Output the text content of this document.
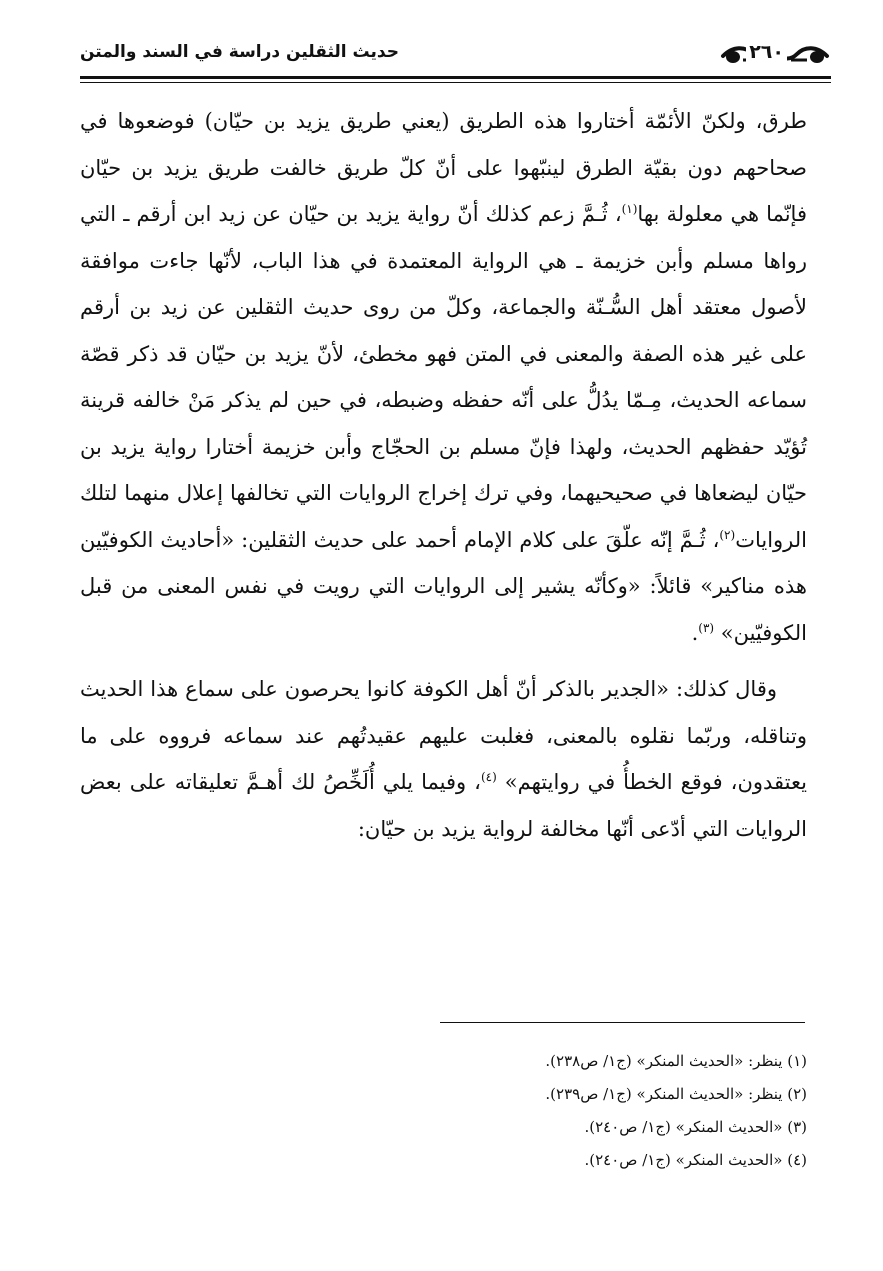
حديث الثقلين دراسة في السند والمتن	٢٦٠

طرق، ولكنّ الأئمّة أختاروا هذه الطريق (يعني طريق يزيد بن حيّان) فوضعوها في صحاحهم دون بقيّة الطرق لينبّهوا على أنّ كلّ طريق خالفت طريق يزيد بن حيّان فإنّما هي معلولة بها$^{(١)}$، ثُـمَّ زعم كذلك أنّ رواية يزيد بن حيّان عن زيد ابن أرقم ـ التي رواها مسلم وأبن خزيمة ـ هي الرواية المعتمدة في هذا الباب، لأنّها جاءت موافقة لأصول معتقد أهل السُّـنّة والجماعة، وكلّ من روى حديث الثقلين عن زيد بن أرقم على غير هذه الصفة والمعنى في المتن فهو مخطئ، لأنّ يزيد بن حيّان قد ذكر قصّة سماعه الحديث، مِـمّا يدُلُّ على أنّه حفظه وضبطه، في حين لم يذكر مَنْ خالفه قرينة تُؤيّد حفظهم الحديث، ولهذا فإنّ مسلم بن الحجّاج وأبن خزيمة أختارا رواية يزيد بن حيّان ليضعاها في صحيحيهما، وفي ترك إخراج الروايات التي تخالفها إعلال منهما لتلك الروايات$^{(٢)}$، ثُـمَّ إنّه علّقَ على كلام الإمام أحمد على حديث الثقلين: «أحاديث الكوفيّين هذه مناكير» قائلاً: «وكأنّه يشير إلى الروايات التي رويت في نفس المعنى من قبل الكوفيّين» $^{(٣)}$.

وقال كذلك: «الجدير بالذكر أنّ أهل الكوفة كانوا يحرصون على سماع هذا الحديث وتناقله، وربّما نقلوه بالمعنى، فغلبت عليهم عقيدتُهم عند سماعه فرووه على ما يعتقدون، فوقع الخطأُ في روايتهم» $^{(٤)}$، وفيما يلي أُلَخِّصُ لك أهـمَّ تعليقاته على بعض الروايات التي أدّعى أنّها مخالفة لرواية يزيد بن حيّان:

(١) ينظر: «الحديث المنكر» (ج١/ ص٢٣٨).
(٢) ينظر: «الحديث المنكر» (ج١/ ص٢٣٩).
(٣) «الحديث المنكر» (ج١/ ص٢٤٠).
(٤) «الحديث المنكر» (ج١/ ص٢٤٠).
